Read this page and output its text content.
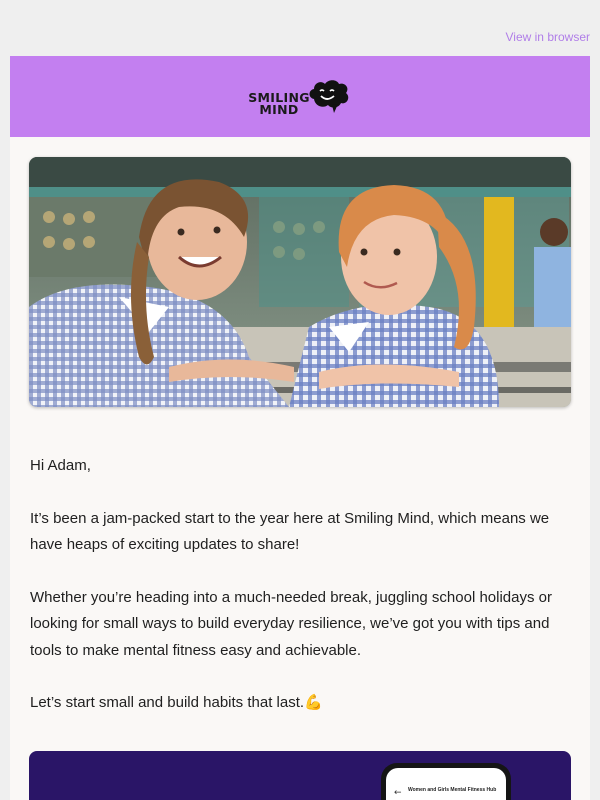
View in browser
SMILING
MIND

Hi Adam,

It’s been a jam-packed start to the year here at Smiling Mind, which means we have heaps of exciting updates to share!

Whether you’re heading into a much-needed break, juggling school holidays or looking for small ways to build everyday resilience, we’ve got you with tips and tools to make mental fitness easy and achievable.

Let’s start small and build habits that last.💪

← Women and Girls Mental Fitness Hub
